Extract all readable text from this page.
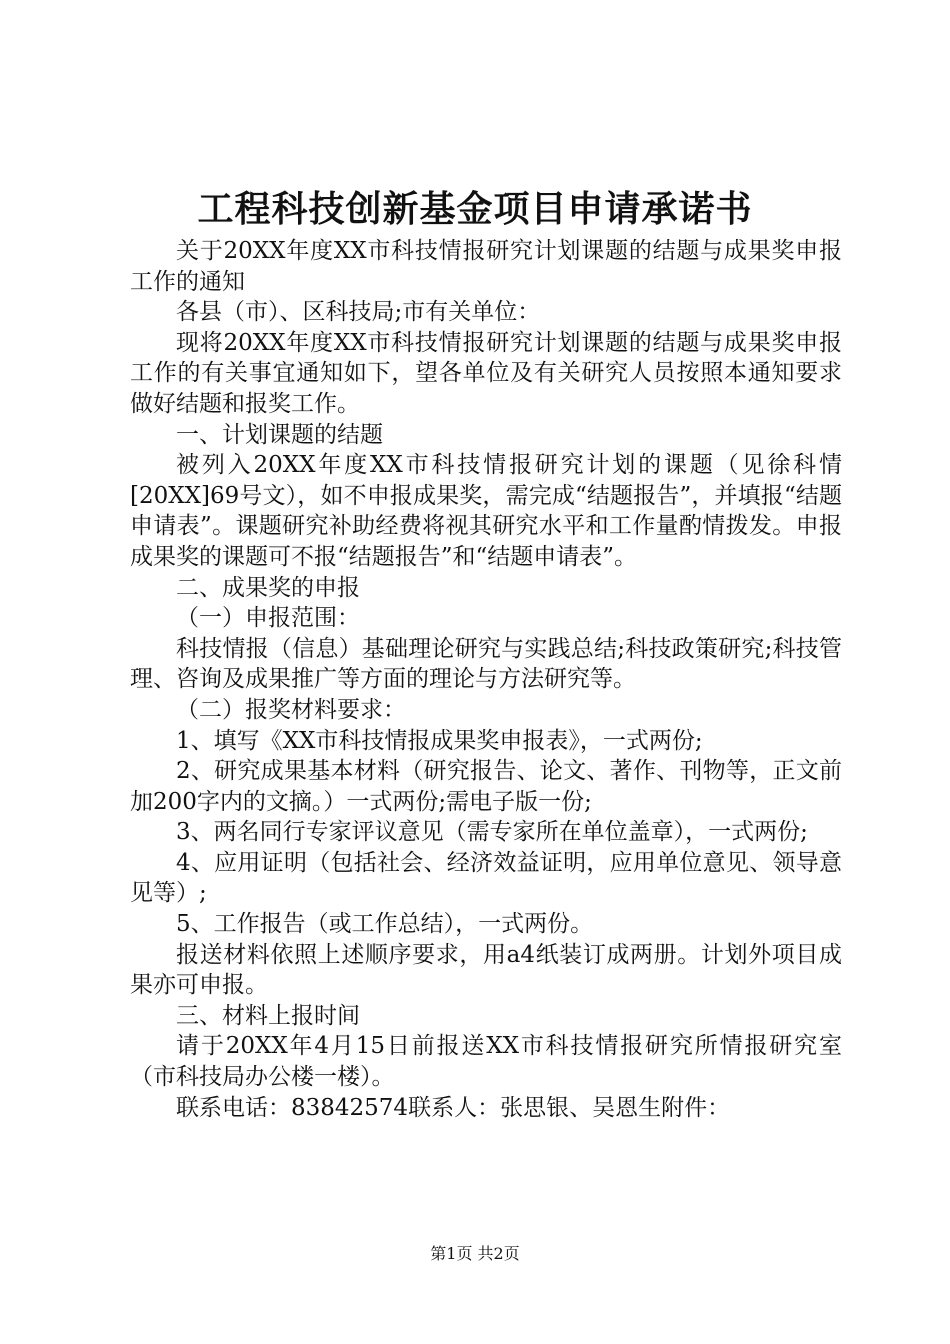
工程科技创新基金项目申请承诺书

关于20XX年度XX市科技情报研究计划课题的结题与成果奖申报工作的通知

各县（市）、区科技局;市有关单位：

现将20XX年度XX市科技情报研究计划课题的结题与成果奖申报工作的有关事宜通知如下，望各单位及有关研究人员按照本通知要求做好结题和报奖工作。

一、计划课题的结题

被列入20XX年度XX市科技情报研究计划的课题（见徐科情[20XX]69号文），如不申报成果奖，需完成“结题报告”，并填报“结题申请表”。课题研究补助经费将视其研究水平和工作量酌情拨发。申报成果奖的课题可不报“结题报告”和“结题申请表”。

二、成果奖的申报

（一）申报范围：

科技情报（信息）基础理论研究与实践总结;科技政策研究;科技管理、咨询及成果推广等方面的理论与方法研究等。

（二）报奖材料要求：

1、填写《XX市科技情报成果奖申报表》，一式两份;

2、研究成果基本材料（研究报告、论文、著作、刊物等，正文前加200字内的文摘。）一式两份;需电子版一份;

3、两名同行专家评议意见（需专家所在单位盖章），一式两份;

4、应用证明（包括社会、经济效益证明，应用单位意见、领导意见等）;

5、工作报告（或工作总结），一式两份。

报送材料依照上述顺序要求，用a4纸装订成两册。计划外项目成果亦可申报。

三、材料上报时间

请于20XX年4月15日前报送XX市科技情报研究所情报研究室（市科技局办公楼一楼）。

联系电话：83842574联系人：张思银、吴恩生附件：

第1页 共2页
